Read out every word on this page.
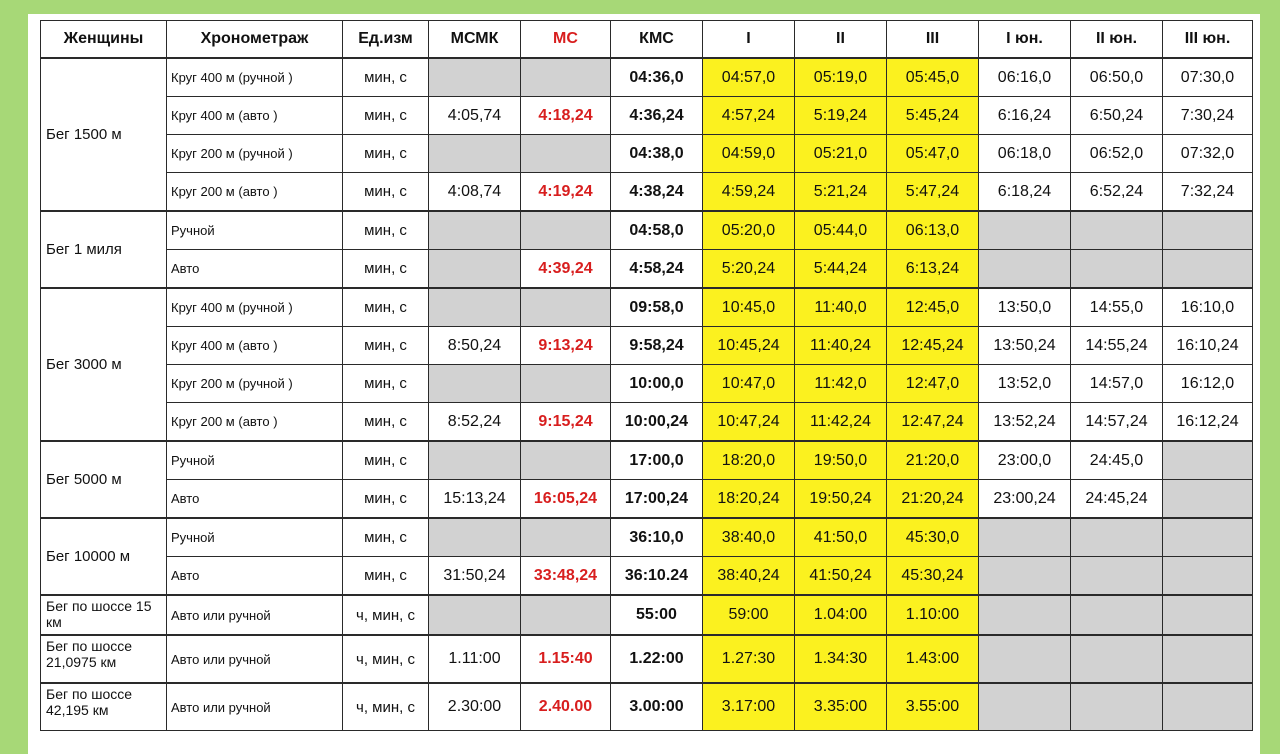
Женщины	Хронометраж	Ед.изм	МСМК	МС	КМС	I	II	III	I юн.	II юн.	III юн.
Бег 1500 м	Круг 400 м (ручной )	мин, с			04:36,0	04:57,0	05:19,0	05:45,0	06:16,0	06:50,0	07:30,0
	Круг 400 м (авто )	мин, с	4:05,74	4:18,24	4:36,24	4:57,24	5:19,24	5:45,24	6:16,24	6:50,24	7:30,24
	Круг 200 м (ручной )	мин, с			04:38,0	04:59,0	05:21,0	05:47,0	06:18,0	06:52,0	07:32,0
	Круг 200 м (авто )	мин, с	4:08,74	4:19,24	4:38,24	4:59,24	5:21,24	5:47,24	6:18,24	6:52,24	7:32,24
Бег 1 миля	Ручной	мин, с			04:58,0	05:20,0	05:44,0	06:13,0			
	Авто	мин, с		4:39,24	4:58,24	5:20,24	5:44,24	6:13,24			
Бег 3000 м	Круг 400 м (ручной )	мин, с			09:58,0	10:45,0	11:40,0	12:45,0	13:50,0	14:55,0	16:10,0
	Круг 400 м (авто )	мин, с	8:50,24	9:13,24	9:58,24	10:45,24	11:40,24	12:45,24	13:50,24	14:55,24	16:10,24
	Круг 200 м (ручной )	мин, с			10:00,0	10:47,0	11:42,0	12:47,0	13:52,0	14:57,0	16:12,0
	Круг 200 м (авто )	мин, с	8:52,24	9:15,24	10:00,24	10:47,24	11:42,24	12:47,24	13:52,24	14:57,24	16:12,24
Бег 5000 м	Ручной	мин, с			17:00,0	18:20,0	19:50,0	21:20,0	23:00,0	24:45,0	
	Авто	мин, с	15:13,24	16:05,24	17:00,24	18:20,24	19:50,24	21:20,24	23:00,24	24:45,24	
Бег 10000 м	Ручной	мин, с			36:10,0	38:40,0	41:50,0	45:30,0			
	Авто	мин, с	31:50,24	33:48,24	36:10.24	38:40,24	41:50,24	45:30,24			
Бег по шоссе 15 км	Авто или ручной	ч, мин, с			55:00	59:00	1.04:00	1.10:00			
Бег по шоссе 21,0975 км	Авто или ручной	ч, мин, с	1.11:00	1.15:40	1.22:00	1.27:30	1.34:30	1.43:00			
Бег по шоссе 42,195 км	Авто или ручной	ч, мин, с	2.30:00	2.40.00	3.00:00	3.17:00	3.35:00	3.55:00			
